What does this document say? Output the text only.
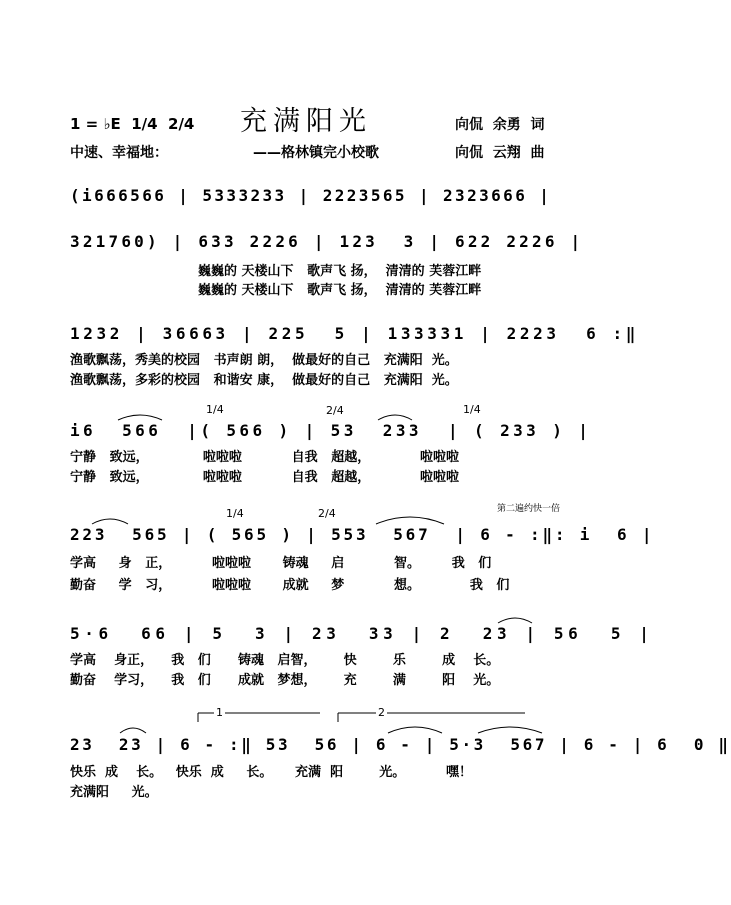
1 = ♭E  1/4  2/4 充满阳光	向侃  余勇  词
中速、幸福地：	——格林镇完小校歌	向侃  云翔  曲
(i666566 | 5333233 | 2223565 | 2323666 |
321760) | 633 2226 | 123  3 | 622 2226 |
巍巍的 天楼山下   歌声飞 扬，  清清的 芙蓉江畔
巍巍的 天楼山下   歌声飞 扬，  清清的 芙蓉江畔
1232 | 36663 | 225  5 | 133331 | 2223  6 :‖
渔歌飘荡，秀美的校园   书声朗 朗，  做最好的自己   充满阳  光。
渔歌飘荡，多彩的校园   和谐安 康，  做最好的自己   充满阳  光。
1/4	2/4	1/4
i6  566  |( 566 ) | 53  233  | ( 233 ) |
宁静   致远，            啦啦啦           自我   超越，           啦啦啦
宁静   致远，            啦啦啦           自我   超越，           啦啦啦
1/4	2/4	第二遍约快一倍
223  565 | ( 565 ) | 553  567  | 6 - :‖: i  6 |
学高     身   正，         啦啦啦       铸魂     启           智。       我   们
勤奋     学   习，         啦啦啦       成就     梦           想。           我   们
5·6  66 | 5  3 | 23  33 | 2  23 | 56  5 |
学高    身正，    我   们      铸魂   启智，      快        乐        成    长。
勤奋    学习，    我   们      成就   梦想，      充        满        阳    光。
1	2
23  23 | 6 - :‖ 53  56 | 6 - | 5·3  567 | 6 - | 6  0 ‖
快乐  成    长。   快乐  成     长。     充满  阳        光。         嘿！
充满阳     光。
